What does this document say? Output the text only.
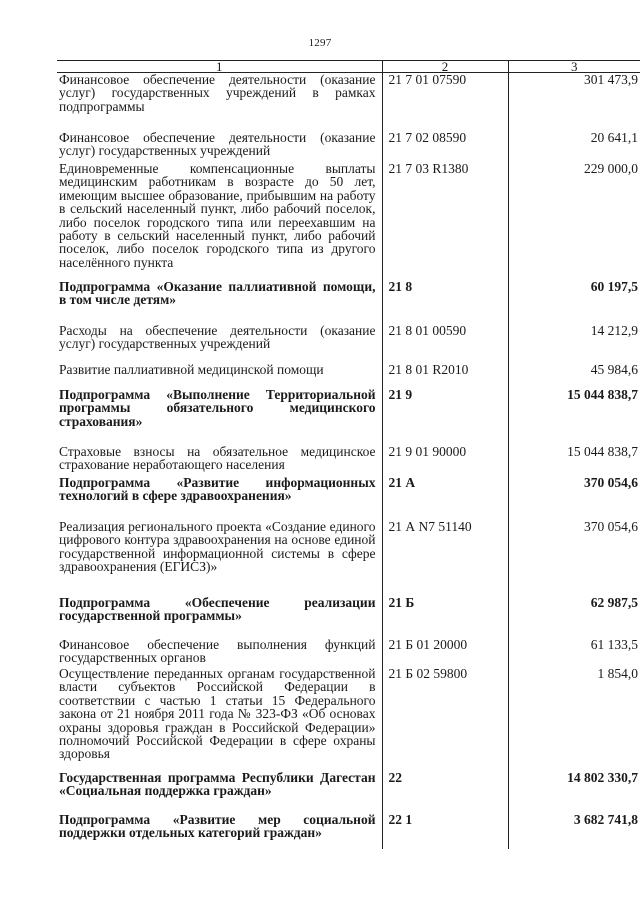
1297
1	2	3
Финансовое обеспечение деятельности (оказание услуг) государственных учреждений в рамках подпрограммы	21 7 01 07590	301 473,9
Финансовое обеспечение деятельности (оказание услуг) государственных учреждений	21 7 02 08590	20 641,1
Единовременные компенсационные выплаты медицинским работникам в возрасте до 50 лет, имеющим высшее образование, прибывшим на работу в сельский населенный пункт, либо рабочий поселок, либо поселок городского типа или переехавшим на работу в сельский населенный пункт, либо рабочий поселок, либо поселок городского типа из другого населённого пункта	21 7 03 R1380	229 000,0
Подпрограмма «Оказание паллиативной помощи, в том числе детям»	21 8	60 197,5
Расходы на обеспечение деятельности (оказание услуг) государственных учреждений	21 8 01 00590	14 212,9
Развитие паллиативной медицинской помощи	21 8 01 R2010	45 984,6
Подпрограмма «Выполнение Территориальной программы обязательного медицинского страхования»	21 9	15 044 838,7
Страховые взносы на обязательное медицинское страхование неработающего населения	21 9 01 90000	15 044 838,7
Подпрограмма «Развитие информационных технологий в сфере здравоохранения»	21 А	370 054,6
Реализация регионального проекта «Создание единого цифрового контура здравоохранения на основе единой государственной информационной системы в сфере здравоохранения (ЕГИСЗ)»	21 А N7 51140	370 054,6
Подпрограмма «Обеспечение реализации государственной программы»	21 Б	62 987,5
Финансовое обеспечение выполнения функций государственных органов	21 Б 01 20000	61 133,5
Осуществление переданных органам государственной власти субъектов Российской Федерации в соответствии с частью 1 статьи 15 Федерального закона от 21 ноября 2011 года № 323-ФЗ «Об основах охраны здоровья граждан в Российской Федерации» полномочий Российской Федерации в сфере охраны здоровья	21 Б 02 59800	1 854,0
Государственная программа Республики Дагестан «Социальная поддержка граждан»	22	14 802 330,7
Подпрограмма «Развитие мер социальной поддержки отдельных категорий граждан»	22 1	3 682 741,8
